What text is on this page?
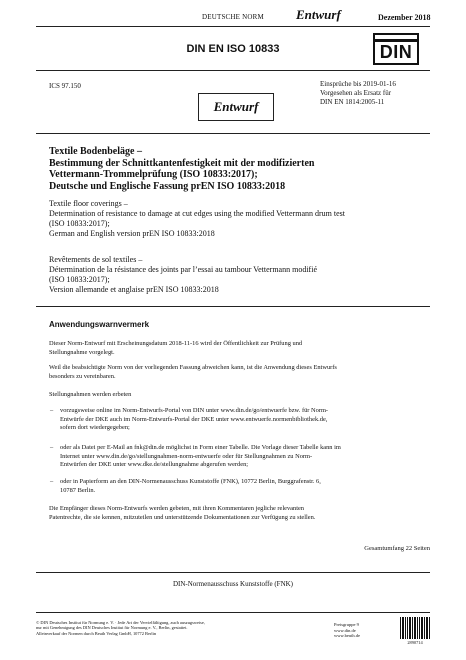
DEUTSCHE NORM Entwurf	Dezember 2018
DIN EN ISO 10833	DIN
ICS 97.150	Einsprüche bis 2019-01-16
Vorgesehen als Ersatz für
DIN EN 1814:2005-11
Entwurf
Textile Bodenbeläge –
Bestimmung der Schnittkantenfestigkeit mit der modifizierten
Vettermann-Trommelprüfung (ISO 10833:2017);
Deutsche und Englische Fassung prEN ISO 10833:2018
Textile floor coverings –
Determination of resistance to damage at cut edges using the modified Vettermann drum test
(ISO 10833:2017);
German and English version prEN ISO 10833:2018
Revêtements de sol textiles –
Détermination de la résistance des joints par l’essai au tambour Vettermann modifié
(ISO 10833:2017);
Version allemande et anglaise prEN ISO 10833:2018
Anwendungswarnvermerk
Dieser Norm-Entwurf mit Erscheinungsdatum 2018-11-16 wird der Öffentlichkeit zur Prüfung und
Stellungnahme vorgelegt.
Weil die beabsichtigte Norm von der vorliegenden Fassung abweichen kann, ist die Anwendung dieses Entwurfs
besonders zu vereinbaren.
Stellungnahmen werden erbeten
– vorzugsweise online im Norm-Entwurfs-Portal von DIN unter www.din.de/go/entwuerfe bzw. für Norm-
Entwürfe der DKE auch im Norm-Entwurfs-Portal der DKE unter www.entwuerfe.normenbibliothek.de,
sofern dort wiedergegeben;
– oder als Datei per E-Mail an fnk@din.de möglichst in Form einer Tabelle. Die Vorlage dieser Tabelle kann im
Internet unter www.din.de/go/stellungnahmen-norm-entwuerfe oder für Stellungnahmen zu Norm-
Entwürfen der DKE unter www.dke.de/stellungnahme abgerufen werden;
– oder in Papierform an den DIN-Normenausschuss Kunststoffe (FNK), 10772 Berlin, Burggrafenstr. 6,
10787 Berlin.
Die Empfänger dieses Norm-Entwurfs werden gebeten, mit ihren Kommentaren jegliche relevanten
Patentrechte, die sie kennen, mitzuteilen und unterstützende Dokumentationen zur Verfügung zu stellen.
Gesamtumfang 22 Seiten
DIN-Normenausschuss Kunststoffe (FNK)
© DIN Deutsches Institut für Normung e. V. · Jede Art der Vervielfältigung, auch auszugsweise,
nur mit Genehmigung des DIN Deutsches Institut für Normung e. V., Berlin, gestattet.
Alleinverkauf der Normen durch Beuth Verlag GmbH, 10772 Berlin
Preisgruppe 9
www.din.de
www.beuth.de
2890714
